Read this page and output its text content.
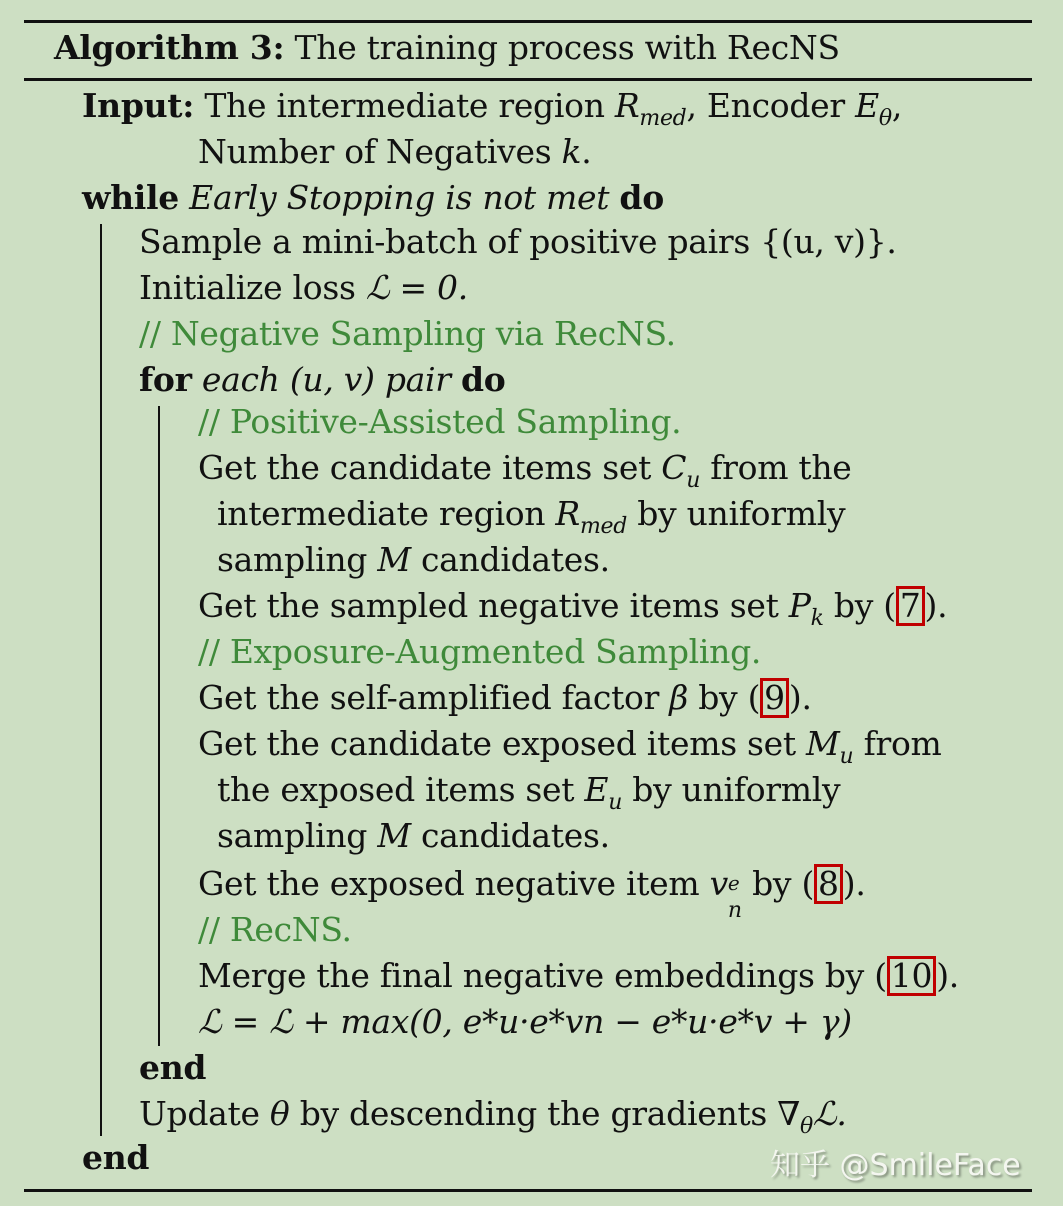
Algorithm 3: The training process with RecNS
Input: The intermediate region $R_{med}$, Encoder $E_\theta$,
Number of Negatives k.
while Early Stopping is not met do
Sample a mini-batch of positive pairs {(u, v)}.
Initialize loss ℒ = 0.
// Negative Sampling via RecNS.
for each (u, v) pair do
// Positive-Assisted Sampling.
Get the candidate items set $C_u$ from the
intermediate region $R_{med}$ by uniformly
sampling M candidates.
Get the sampled negative items set $P_k$ by ( 7 ).
// Exposure-Augmented Sampling.
Get the self-amplified factor β by ( 9 ).
Get the candidate exposed items set $M_u$ from
the exposed items set $E_u$ by uniformly
sampling M candidates.
Get the exposed negative item v e
n
by ( 8 ).
// RecNS.
Merge the final negative embeddings by ( 10 ).
ℒ = ℒ + max(0, e*u·e*vn − e*u·e*v + γ)
end
Update θ by descending the gradients $\nabla_\theta ℒ$.
end	知乎 @SmileFace
